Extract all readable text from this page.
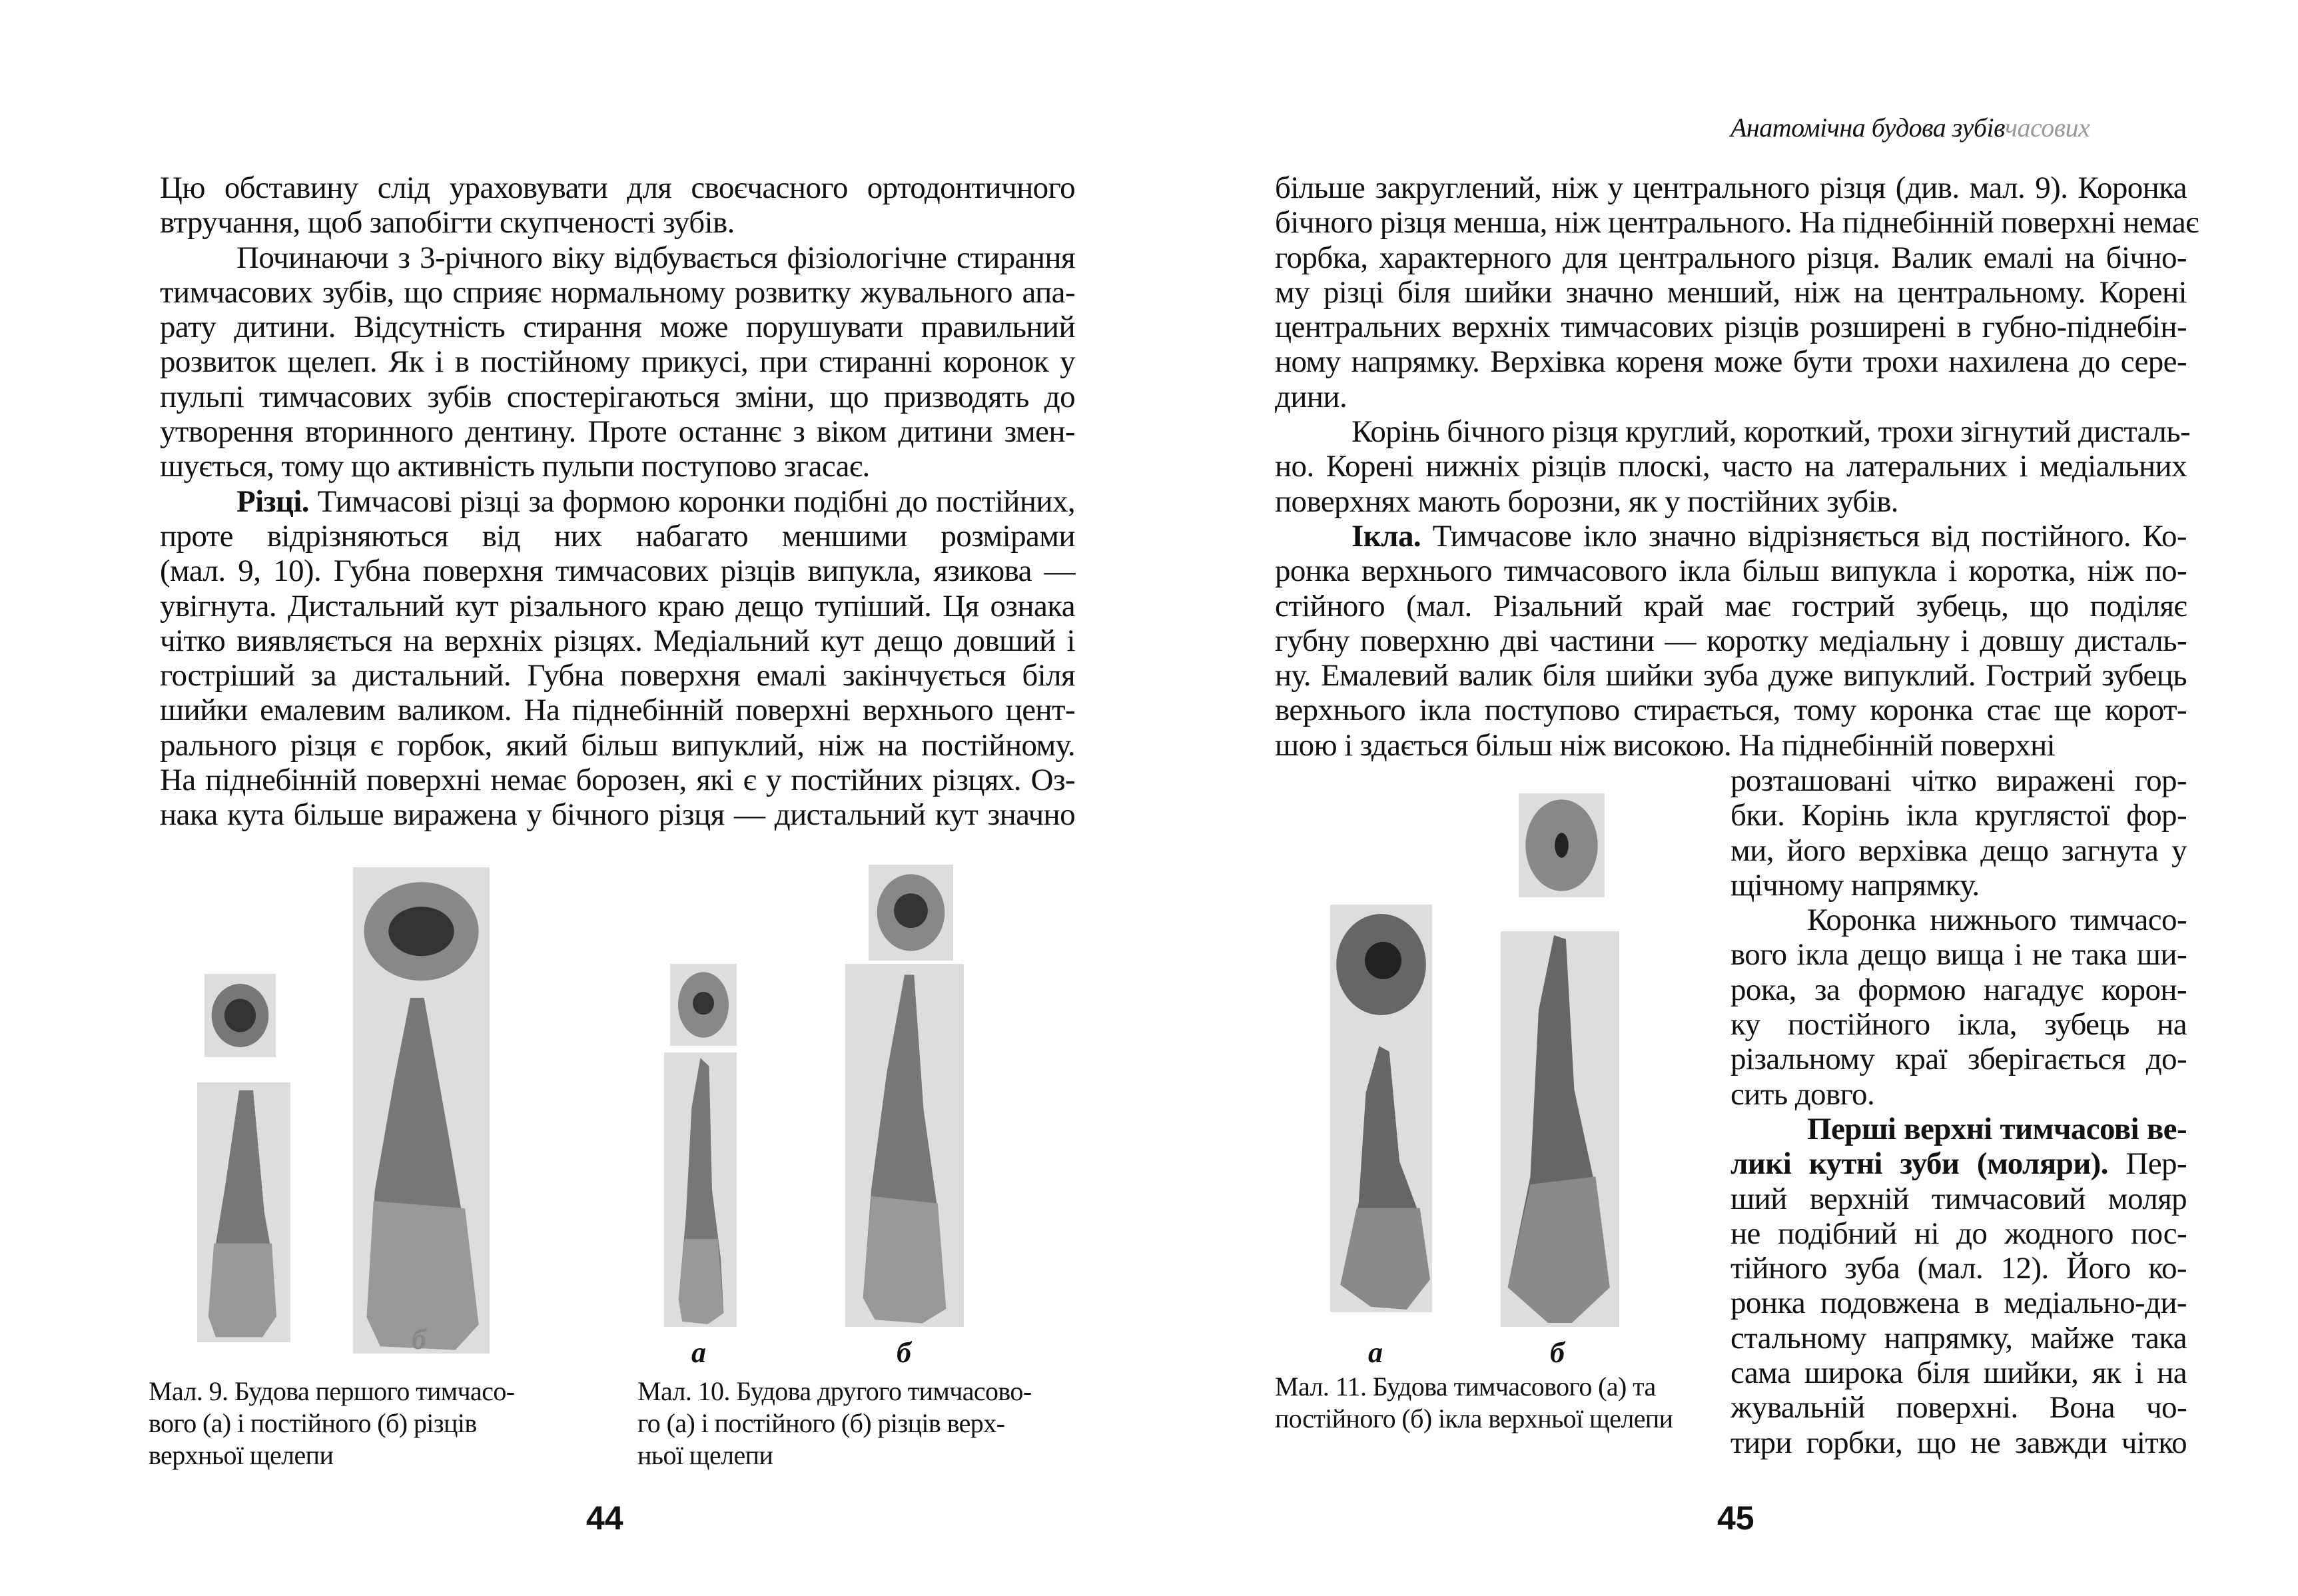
Анатомічна будова зубівчасових
Цю обставину слід ураховувати для своєчасного ортодонтичного
втручання, щоб запобігти скупченості зубів.
Починаючи з 3-річного віку відбувається фізіологічне стирання
тимчасових зубів, що сприяє нормальному розвитку жувального апа-
рату дитини. Відсутність стирання може порушувати правильний
розвиток щелеп. Як і в постійному прикусі, при стиранні коронок у
пульпі тимчасових зубів спостерігаються зміни, що призводять до
утворення вторинного дентину. Проте останнє з віком дитини змен-
шується, тому що активність пульпи поступово згасає.
Різці. Тимчасові різці за формою коронки подібні до постійних,
проте відрізняються від них набагато меншими розмірами
(мал. 9, 10). Губна поверхня тимчасових різців випукла, язикова —
увігнута. Дистальний кут різального краю дещо тупіший. Ця ознака
чітко виявляється на верхніх різцях. Медіальний кут дещо довший і
гостріший за дистальний. Губна поверхня емалі закінчується біля
шийки емалевим валиком. На піднебінній поверхні верхнього цент-
рального різця є горбок, який більш випуклий, ніж на постійному.
На піднебінній поверхні немає борозен, які є у постійних різцях. Оз-
нака кута більше виражена у бічного різця — дистальний кут значно
більше закруглений, ніж у центрального різця (див. мал. 9). Коронка
бічного різця менша, ніж центрального. На піднебінній поверхні немає
горбка, характерного для центрального різця. Валик емалі на бічно-
му різці біля шийки значно менший, ніж на центральному. Корені
центральних верхніх тимчасових різців розширені в губно-піднебін-
ному напрямку. Верхівка кореня може бути трохи нахилена до сере-
дини.
Корінь бічного різця круглий, короткий, трохи зігнутий дисталь-
но. Корені нижніх різців плоскі, часто на латеральних і медіальних
поверхнях мають борозни, як у постійних зубів.
Ікла. Тимчасове ікло значно відрізняється від постійного. Ко-
ронка верхнього тимчасового ікла більш випукла і коротка, ніж по-
стійного (мал. Різальний край має гострий зубець, що поділяє
губну поверхню дві частини — коротку медіальну і довшу дисталь-
ну. Емалевий валик біля шийки зуба дуже випуклий. Гострий зубець
верхнього ікла поступово стирається, тому коронка стає ще корот-
шою і здається більш ніж високою. На піднебінній поверхні
розташовані чітко виражені гор-
бки. Корінь ікла круглястої фор-
ми, його верхівка дещо загнута у
щічному напрямку.
Коронка нижнього тимчасо-
вого ікла дещо вища і не така ши-
рока, за формою нагадує корон-
ку постійного ікла, зубець на
різальному краї зберігається до-
сить довго.
Перші верхні тимчасові ве-
ликі кутні зуби (моляри). Пер-
ший верхній тимчасовий моляр
не подібний ні до жодного пос-
тійного зуба (мал. 12). Його ко-
ронка подовжена в медіально-ди-
стальному напрямку, майже така
сама широка біля шийки, як і на
жувальній поверхні. Вона чо-
тири горбки, що не завжди чітко
б
Мал. 9. Будова першого тимчасо-
вого (а) і постійного (б) різців
верхньої щелепи
а	б
Мал. 10. Будова другого тимчасово-
го (а) і постійного (б) різців верх-
ньої щелепи
44
а	б
Мал. 11. Будова тимчасового (а) та
постійного (б) ікла верхньої щелепи
45
